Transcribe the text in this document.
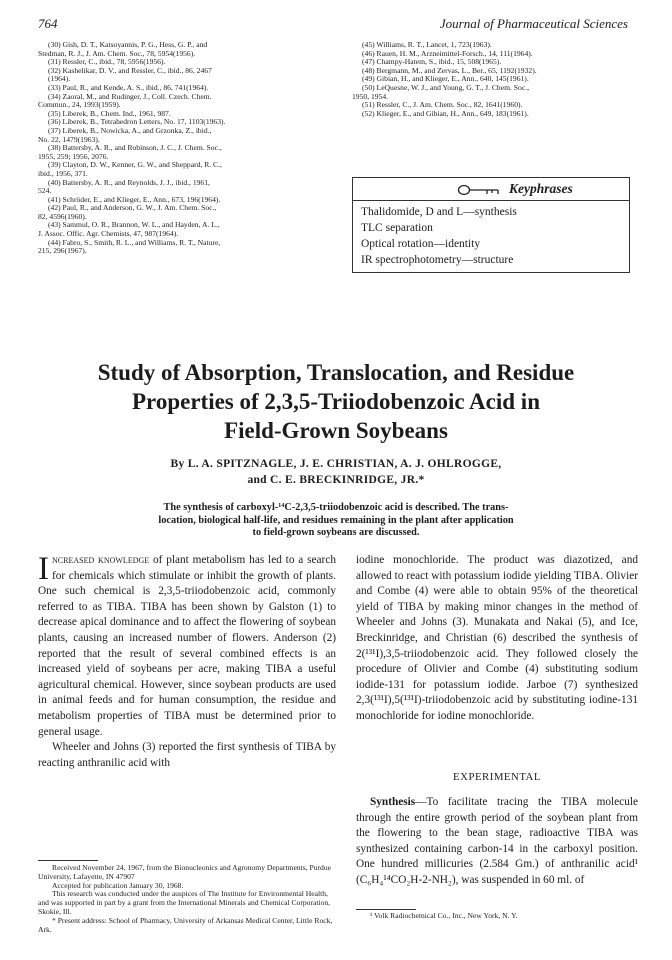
764	Journal of Pharmaceutical Sciences
(30) Gish, D. T., Katsoyannis, P. G., Hess, G. P., and
Stedman, R. J., J. Am. Chem. Soc., 78, 5954(1956).
(31) Ressler, C., ibid., 78, 5956(1956).
(32) Kashelikar, D. V., and Ressler, C., ibid., 86, 2467
(1964).
(33) Paul, R., and Kende, A. S., ibid., 86, 741(1964).
(34) Zaoral, M., and Rudinger, J., Coll. Czech. Chem.
Commun., 24, 1993(1959).
(35) Liberek, B., Chem. Ind., 1961, 987.
(36) Liberek, B., Tetrahedron Letters, No. 17, 1103(1963).
(37) Liberek, B., Nowicka, A., and Grzonka, Z., ibid.,
No. 22, 1479(1963).
(38) Battersby, A. R., and Robinson, J. C., J. Chem. Soc.,
1955, 259; 1956, 2076.
(39) Clayton, D. W., Kenner, G. W., and Sheppard, R. C.,
ibid., 1956, 371.
(40) Battersby, A. R., and Reynolds, J. J., ibid., 1961,
524.
(41) Schröder, E., and Klieger, E., Ann., 673, 196(1964).
(42) Paul, R., and Anderson, G. W., J. Am. Chem. Soc.,
82, 4596(1960).
(43) Sammul, O. R., Brannon, W. L., and Hayden, A. L.,
J. Assoc. Offic. Agr. Chemists, 47, 987(1964).
(44) Fabro, S., Smith, R. L., and Williams, R. T., Nature,
215, 296(1967).
(45) Williams, R. T., Lancet, 1, 723(1963).
(46) Rauen, H. M., Arzneimittel-Forsch., 14, 111(1964).
(47) Champy-Hatem, S., ibid., 15, 508(1965).
(48) Bergmann, M., and Zervas, L., Ber., 65, 1192(1932).
(49) Gibian, H., and Klieger, E., Ann., 640, 145(1961).
(50) LeQuesne, W. J., and Young, G. T., J. Chem. Soc.,
1950, 1954.
(51) Ressler, C., J. Am. Chem. Soc., 82, 1641(1960).
(52) Klieger, E., and Gibian, H., Ann., 649, 183(1961).
Keyphrases
Thalidomide, D and L—synthesis
TLC separation
Optical rotation—identity
IR spectrophotometry—structure
Study of Absorption, Translocation, and Residue
Properties of 2,3,5-Triiodobenzoic Acid in
Field-Grown Soybeans
By L. A. SPITZNAGLE, J. E. CHRISTIAN, A. J. OHLROGGE,
and C. E. BRECKINRIDGE, JR.*
The synthesis of carboxyl-¹⁴C-2,3,5-triiodobenzoic acid is described. The trans-
location, biological half-life, and residues remaining in the plant after application
to field-grown soybeans are discussed.

Increased knowledge of plant metabolism has led to a search for chemicals which stimulate or inhibit the growth of plants. One such chemical is 2,3,5-triiodobenzoic acid, commonly referred to as TIBA. TIBA has been shown by Galston (1) to decrease apical dominance and to affect the flowering of soybean plants, causing an increased number of flowers. Anderson (2) reported that the result of several combined effects is an increased yield of soybeans per acre, making TIBA a useful agricultural chemical. However, since soybean products are used in animal feeds and for human consumption, the residue and metabolism properties of TIBA must be determined prior to general usage.

Wheeler and Johns (3) reported the first synthesis of TIBA by reacting anthranilic acid with

Received November 24, 1967, from the Bionucleonics and Agronomy Departments, Purdue University, Lafayette, IN 47907

Accepted for publication January 30, 1968.

This research was conducted under the auspices of The Institute for Environmental Health, and was supported in part by a grant from the International Minerals and Chemical Corporation, Skokie, Ill.

* Present address: School of Pharmacy, University of Arkansas Medical Center, Little Rock, Ark.

iodine monochloride. The product was diazotized, and allowed to react with potassium iodide yielding TIBA. Olivier and Combe (4) were able to obtain 95% of the theoretical yield of TIBA by making minor changes in the method of Wheeler and Johns (3). Munakata and Nakai (5), and Ice, Breckinridge, and Christian (6) described the synthesis of 2(¹³¹I),3,5-triiodobenzoic acid. They followed closely the procedure of Olivier and Combe (4) substituting sodium iodide-131 for potassium iodide. Jarboe (7) synthesized 2,3(¹³¹I),5(¹³¹I)-triiodobenzoic acid by substituting iodine-131 monochloride for iodine monochloride.

EXPERIMENTAL

Synthesis—To facilitate tracing the TIBA molecule through the entire growth period of the soybean plant from the flowering to the bean stage, radioactive TIBA was synthesized containing carbon-14 in the carboxyl position. One hundred millicuries (2.584 Gm.) of anthranilic acid¹ (C₆H₄¹⁴CO₂H-2-NH₂), was suspended in 60 ml. of

¹ Volk Radiochemical Co., Inc., New York, N. Y.
